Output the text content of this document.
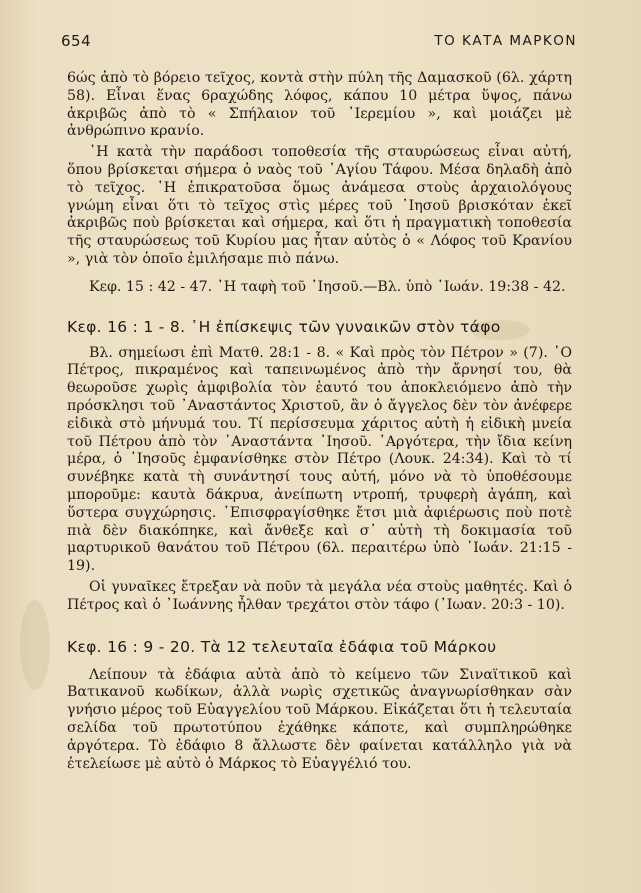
654	ΤΟ ΚΑΤΑ ΜΑΡΚΟΝ

6ώς ἀπὸ τὸ βόρειο τεῖχος, κοντὰ στὴν πύλη τῆς Δαμασκοῦ (6λ. χάρτη 58). Εἶναι ἕνας 6ραχώδης λόφος, κάπου 10 μέτρα ὕψος, πάνω ἀκριβῶς ἀπὸ τὸ « Σπήλαιον τοῦ ᾽Ιερεμίου », καὶ μοιάζει μὲ ἀνθρώπινο κρανίο.

῾Η κατὰ τὴν παράδοσι τοποθεσία τῆς σταυρώσεως εἶναι αὐτή, ὅπου βρίσκεται σήμερα ὁ ναὸς τοῦ ῾Αγίου Τάφου. Μέσα δηλαδὴ ἀπὸ τὸ τεῖχος. ῾Η ἐπικρατοῦσα ὅμως ἀνάμεσα στοὺς ἀρχαιολόγους γνώμη εἶναι ὅτι τὸ τεῖχος στὶς μέρες τοῦ ᾽Ιησοῦ βρισκόταν ἐκεῖ ἀκριβῶς ποὺ βρίσκεται καὶ σήμερα, καὶ ὅτι ἡ πραγματικὴ τοποθεσία τῆς σταυρώσεως τοῦ Κυρίου μας ἦταν αὐτὸς ὁ « Λόφος τοῦ Κρανίου », γιὰ τὸν ὁποῖο ἐμιλήσαμε πιὸ πάνω.

Κεφ. 15 : 42 - 47. ῾Η ταφὴ τοῦ ᾽Ιησοῦ.—Βλ. ὑπὸ ᾽Ιωάν. 19:38 - 42.

Κεφ. 16 : 1 - 8. ῾Η ἐπίσκεψις τῶν γυναικῶν στὸν τάφο

Βλ. σημείωσι ἐπὶ Ματθ. 28:1 - 8. « Καὶ πρὸς τὸν Πέτρον » (7). ῾Ο Πέτρος, πικραμένος καὶ ταπεινωμένος ἀπὸ τὴν ἄρνησί του, θὰ θεωροῦσε χωρὶς ἀμφιβολία τὸν ἑαυτό του ἀποκλειόμενο ἀπὸ τὴν πρόσκλησι τοῦ ᾽Αναστάντος Χριστοῦ, ἂν ὁ ἄγγελος δὲν τὸν ἀνέφερε εἰδικὰ στὸ μήνυμά του. Τί περίσσευμα χάριτος αὐτὴ ἡ εἰδικὴ μνεία τοῦ Πέτρου ἀπὸ τὸν ᾽Αναστάντα ᾽Ιησοῦ. ᾽Αργότερα, τὴν ἴδια κείνη μέρα, ὁ ᾽Ιησοῦς ἐμφανίσθηκε στὸν Πέτρο (Λουκ. 24:34). Καὶ τὸ τί συνέβηκε κατὰ τὴ συνάντησί τους αὐτή, μόνο νὰ τὸ ὑποθέσουμε μποροῦμε: καυτὰ δάκρυα, ἀνείπωτη ντροπή, τρυφερὴ ἀγάπη, καὶ ὕστερα συγχώρησις. ᾽Επισφραγίσθηκε ἔτσι μιὰ ἀφιέρωσις ποὺ ποτὲ πιὰ δὲν διακόπηκε, καὶ ἄνθεξε καὶ σ᾽ αὐτὴ τὴ δοκιμασία τοῦ μαρτυρικοῦ θανάτου τοῦ Πέτρου (6λ. περαιτέρω ὑπὸ ᾽Ιωάν. 21:15 - 19).

Οἱ γυναῖκες ἔτρεξαν νὰ ποῦν τὰ μεγάλα νέα στοὺς μαθητές. Καὶ ὁ Πέτρος καὶ ὁ ᾽Ιωάννης ἦλθαν τρεχάτοι στὸν τάφο (᾽Ιωαν. 20:3 - 10).

Κεφ. 16 : 9 - 20. Τὰ 12 τελευταῖα ἐδάφια τοῦ Μάρκου

Λείπουν τὰ ἐδάφια αὐτὰ ἀπὸ τὸ κείμενο τῶν Σιναϊτικοῦ καὶ Βατικανοῦ κωδίκων, ἀλλὰ νωρὶς σχετικῶς ἀναγνωρίσθηκαν σὰν γνήσιο μέρος τοῦ Εὐαγγελίου τοῦ Μάρκου. Εἰκάζεται ὅτι ἡ τελευταία σελίδα τοῦ πρωτοτύπου ἐχάθηκε κάποτε, καὶ συμπληρώθηκε ἀργότερα. Τὸ ἐδάφιο 8 ἄλλωστε δὲν φαίνεται κατάλληλο γιὰ νὰ ἐτελείωσε μὲ αὐτὸ ὁ Μάρκος τὸ Εὐαγγέλιό του.
